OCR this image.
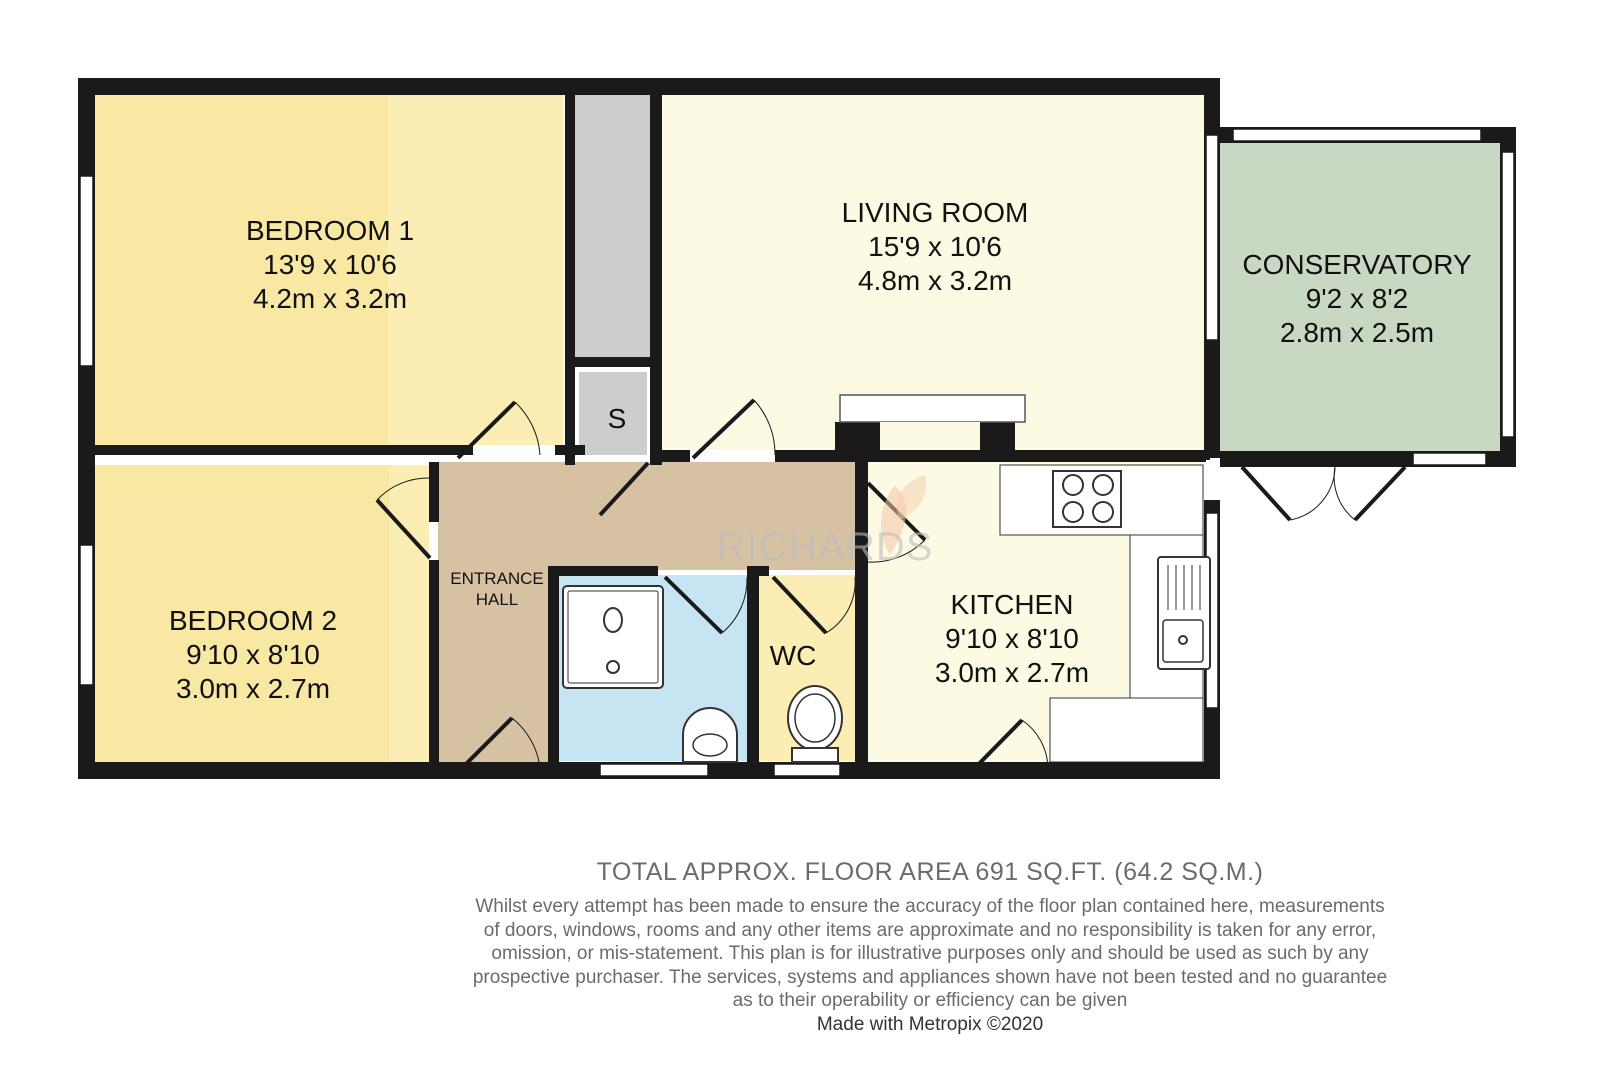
RICHARDS
BEDROOM 1
13'9 x 10'6
4.2m x 3.2m
LIVING ROOM
15'9 x 10'6
4.8m x 3.2m
CONSERVATORY
9'2 x 8'2
2.8m x 2.5m
BEDROOM 2
9'10 x 8'10
3.0m x 2.7m
KITCHEN
9'10 x 8'10
3.0m x 2.7m
ENTRANCE
HALL
WC
S
TOTAL APPROX. FLOOR AREA 691 SQ.FT. (64.2 SQ.M.)
Whilst every attempt has been made to ensure the accuracy of the floor plan contained here, measurements
of doors, windows, rooms and any other items are approximate and no responsibility is taken for any error,
omission, or mis-statement. This plan is for illustrative purposes only and should be used as such by any
prospective purchaser. The services, systems and appliances shown have not been tested and no guarantee
as to their operability or efficiency can be given
Made with Metropix ©2020
